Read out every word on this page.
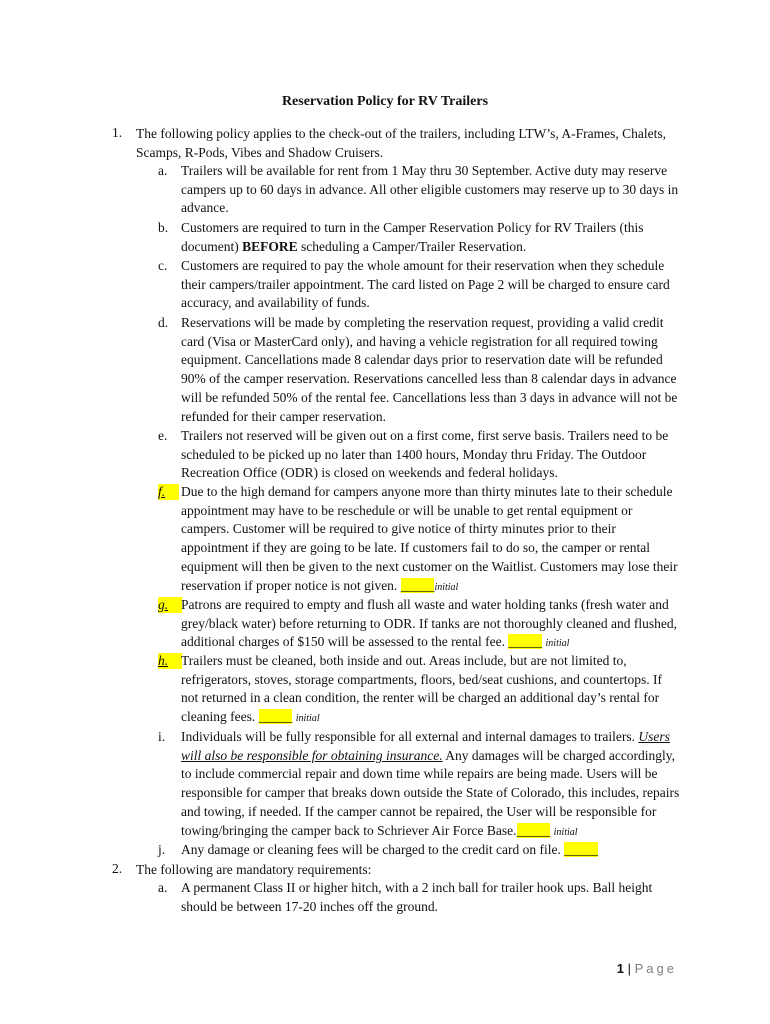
Reservation Policy for RV Trailers
1. The following policy applies to the check-out of the trailers, including LTW’s, A-Frames, Chalets, Scamps, R-Pods, Vibes and Shadow Cruisers.

a. Trailers will be available for rent from 1 May thru 30 September. Active duty may reserve campers up to 60 days in advance. All other eligible customers may reserve up to 30 days in advance.

b. Customers are required to turn in the Camper Reservation Policy for RV Trailers (this document) BEFORE scheduling a Camper/Trailer Reservation.

c. Customers are required to pay the whole amount for their reservation when they schedule their campers/trailer appointment. The card listed on Page 2 will be charged to ensure card accuracy, and availability of funds.

d. Reservations will be made by completing the reservation request, providing a valid credit card (Visa or MasterCard only), and having a vehicle registration for all required towing equipment. Cancellations made 8 calendar days prior to reservation date will be refunded 90% of the camper reservation. Reservations cancelled less than 8 calendar days in advance will be refunded 50% of the rental fee. Cancellations less than 3 days in advance will not be refunded for their camper reservation.

e. Trailers not reserved will be given out on a first come, first serve basis. Trailers need to be scheduled to be picked up no later than 1400 hours, Monday thru Friday. The Outdoor Recreation Office (ODR) is closed on weekends and federal holidays.

f.	Due to the high demand for campers anyone more than thirty minutes late to their schedule appointment may have to be reschedule or will be unable to get rental equipment or campers. Customer will be required to give notice of thirty minutes prior to their appointment if they are going to be late. If customers fail to do so, the camper or rental equipment will then be given to the next customer on the Waitlist. Customers may lose their reservation if proper notice is not given. _____initial

g. Patrons are required to empty and flush all waste and water holding tanks (fresh water and grey/black water) before returning to ODR. If tanks are not thoroughly cleaned and flushed, additional charges of $150 will be assessed to the rental fee. _____ initial

h. Trailers must be cleaned, both inside and out. Areas include, but are not limited to, refrigerators, stoves, storage compartments, floors, bed/seat cushions, and countertops. If not returned in a clean condition, the renter will be charged an additional day’s rental for cleaning fees. _____ initial

i. Individuals will be fully responsible for all external and internal damages to trailers. Users will also be responsible for obtaining insurance. Any damages will be charged accordingly, to include commercial repair and down time while repairs are being made. Users will be responsible for camper that breaks down outside the State of Colorado, this includes, repairs and towing, if needed. If the camper cannot be repaired, the User will be responsible for towing/bringing the camper back to Schriever Air Force Base._____ initial

j. Any damage or cleaning fees will be charged to the credit card on file. _____

2. The following are mandatory requirements:

a. A permanent Class II or higher hitch, with a 2 inch ball for trailer hook ups. Ball height should be between 17-20 inches off the ground.

1 | Page
